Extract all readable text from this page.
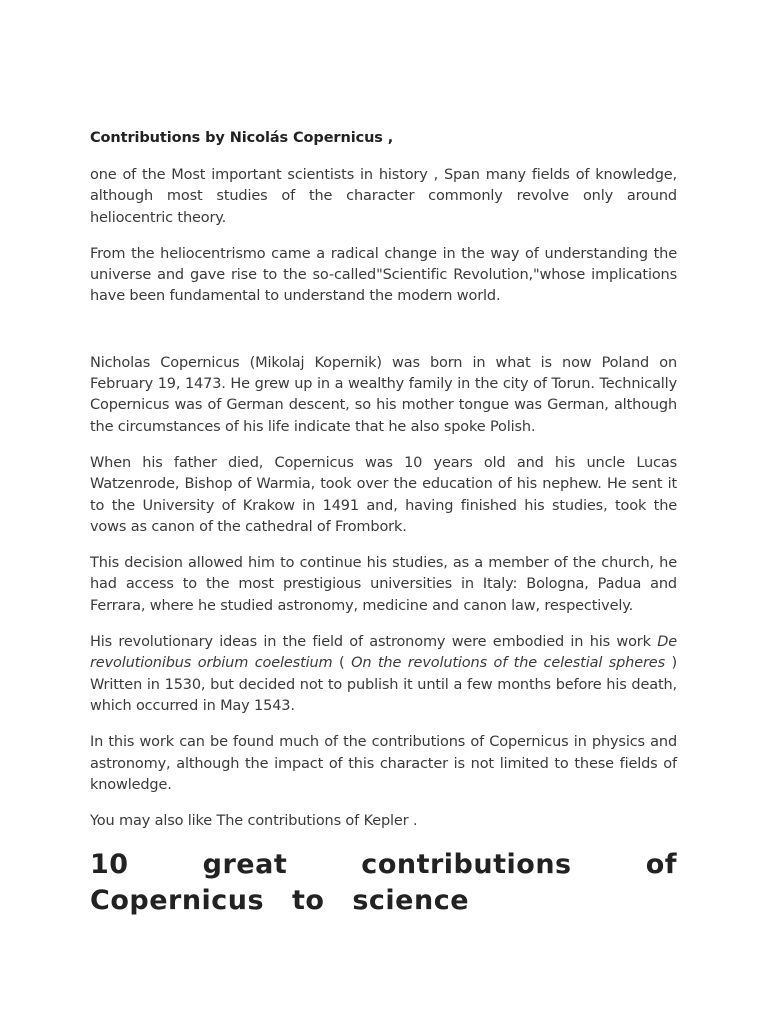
Contributions by Nicolás Copernicus ,

one of the Most important scientists in history , Span many fields of knowledge, although most studies of the character commonly revolve only around heliocentric theory.

From the heliocentrismo came a radical change in the way of understanding the universe and gave rise to the so-called"Scientific Revolution,"whose implications have been fundamental to understand the modern world.

Nicholas Copernicus (Mikolaj Kopernik) was born in what is now Poland on February 19, 1473. He grew up in a wealthy family in the city of Torun. Technically Copernicus was of German descent, so his mother tongue was German, although the circumstances of his life indicate that he also spoke Polish.

When his father died, Copernicus was 10 years old and his uncle Lucas Watzenrode, Bishop of Warmia, took over the education of his nephew. He sent it to the University of Krakow in 1491 and, having finished his studies, took the vows as canon of the cathedral of Frombork.

This decision allowed him to continue his studies, as a member of the church, he had access to the most prestigious universities in Italy: Bologna, Padua and Ferrara, where he studied astronomy, medicine and canon law, respectively.

His revolutionary ideas in the field of astronomy were embodied in his work De revolutionibus orbium coelestium ( On the revolutions of the celestial spheres ) Written in 1530, but decided not to publish it until a few months before his death, which occurred in May 1543.

In this work can be found much of the contributions of Copernicus in physics and astronomy, although the impact of this character is not limited to these fields of knowledge.

You may also like The contributions of Kepler .

10 great contributions of Copernicus to science
